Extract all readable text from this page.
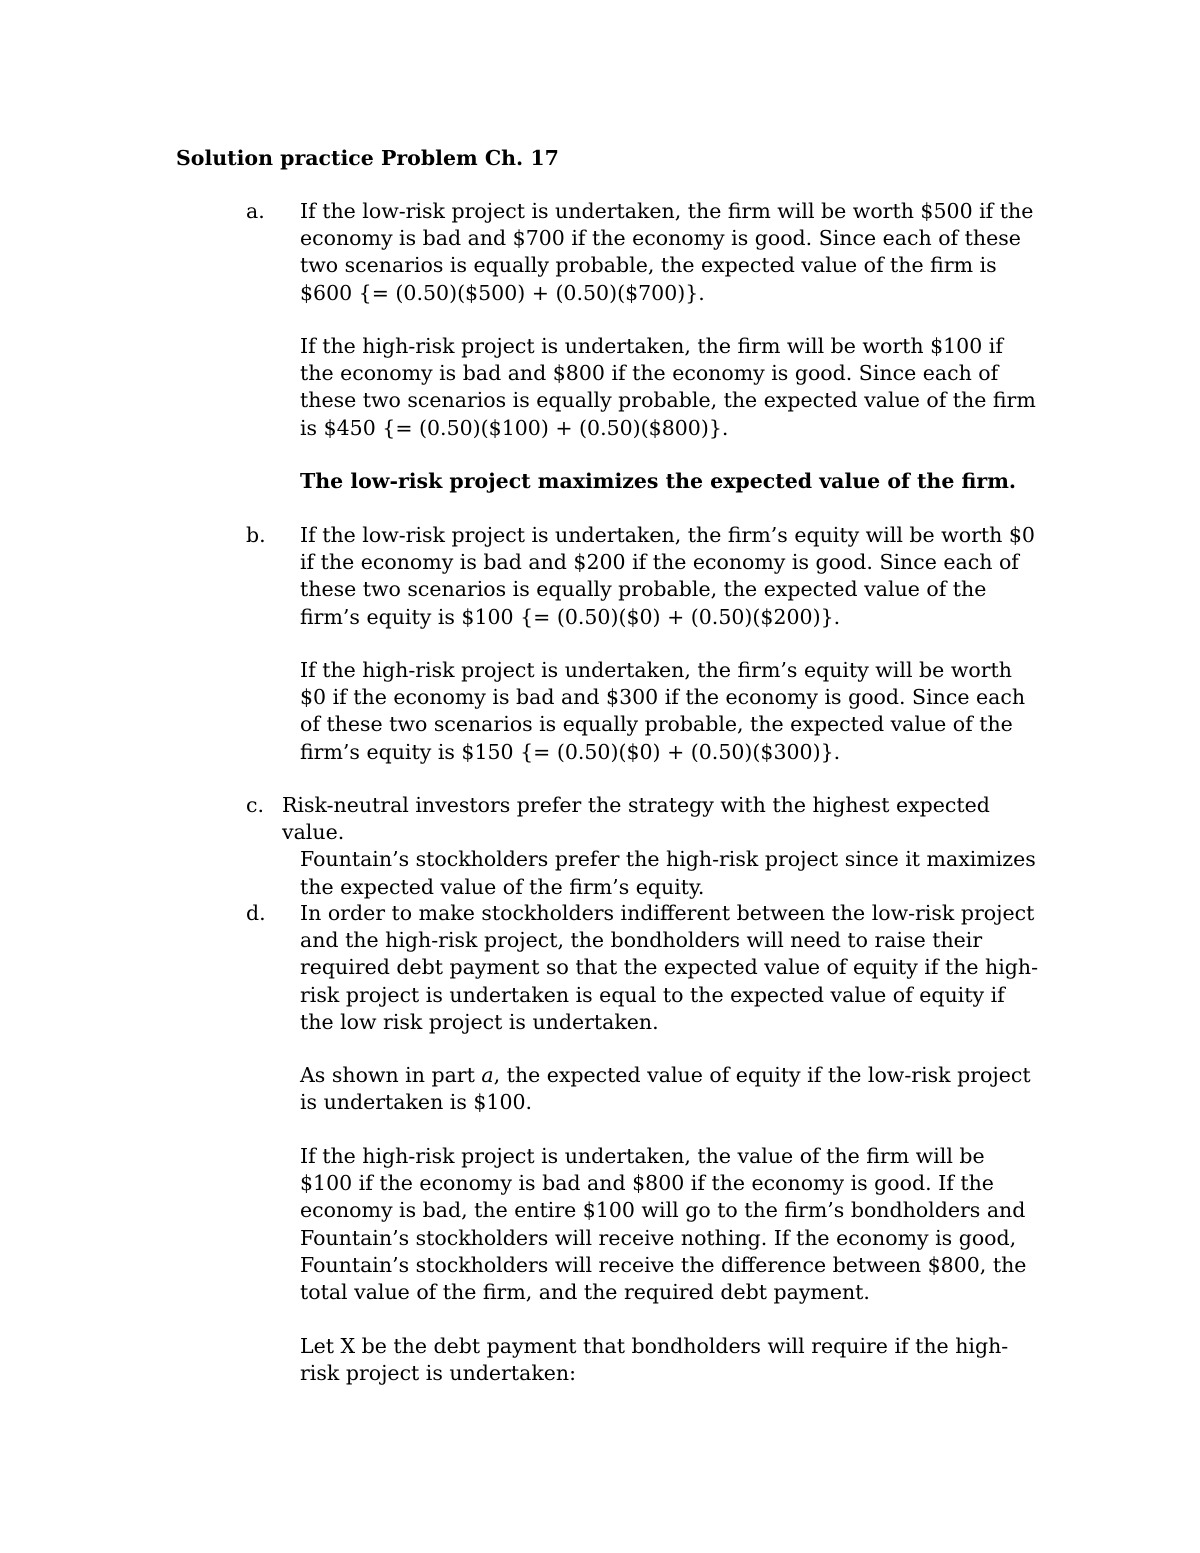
Solution practice Problem Ch. 17
a. If the low-risk project is undertaken, the firm will be worth $500 if the economy is bad and $700 if the economy is good. Since each of these two scenarios is equally probable, the expected value of the firm is $600 {= (0.50)($500) + (0.50)($700)}.

If the high-risk project is undertaken, the firm will be worth $100 if the economy is bad and $800 if the economy is good. Since each of these two scenarios is equally probable, the expected value of the firm is $450 {= (0.50)($100) + (0.50)($800)}.

The low-risk project maximizes the expected value of the firm.

b. If the low-risk project is undertaken, the firm’s equity will be worth $0 if the economy is bad and $200 if the economy is good. Since each of these two scenarios is equally probable, the expected value of the firm’s equity is $100 {= (0.50)($0) + (0.50)($200)}.

If the high-risk project is undertaken, the firm’s equity will be worth $0 if the economy is bad and $300 if the economy is good. Since each of these two scenarios is equally probable, the expected value of the firm’s equity is $150 {= (0.50)($0) + (0.50)($300)}.

c. Risk-neutral investors prefer the strategy with the highest expected value.
Fountain’s stockholders prefer the high-risk project since it maximizes the expected value of the firm’s equity.
d. In order to make stockholders indifferent between the low-risk project and the high-risk project, the bondholders will need to raise their required debt payment so that the expected value of equity if the high-risk project is undertaken is equal to the expected value of equity if the low risk project is undertaken.

As shown in part a, the expected value of equity if the low-risk project is undertaken is $100.

If the high-risk project is undertaken, the value of the firm will be $100 if the economy is bad and $800 if the economy is good. If the economy is bad, the entire $100 will go to the firm’s bondholders and Fountain’s stockholders will receive nothing. If the economy is good, Fountain’s stockholders will receive the difference between $800, the total value of the firm, and the required debt payment.

Let X be the debt payment that bondholders will require if the high-risk project is undertaken:
